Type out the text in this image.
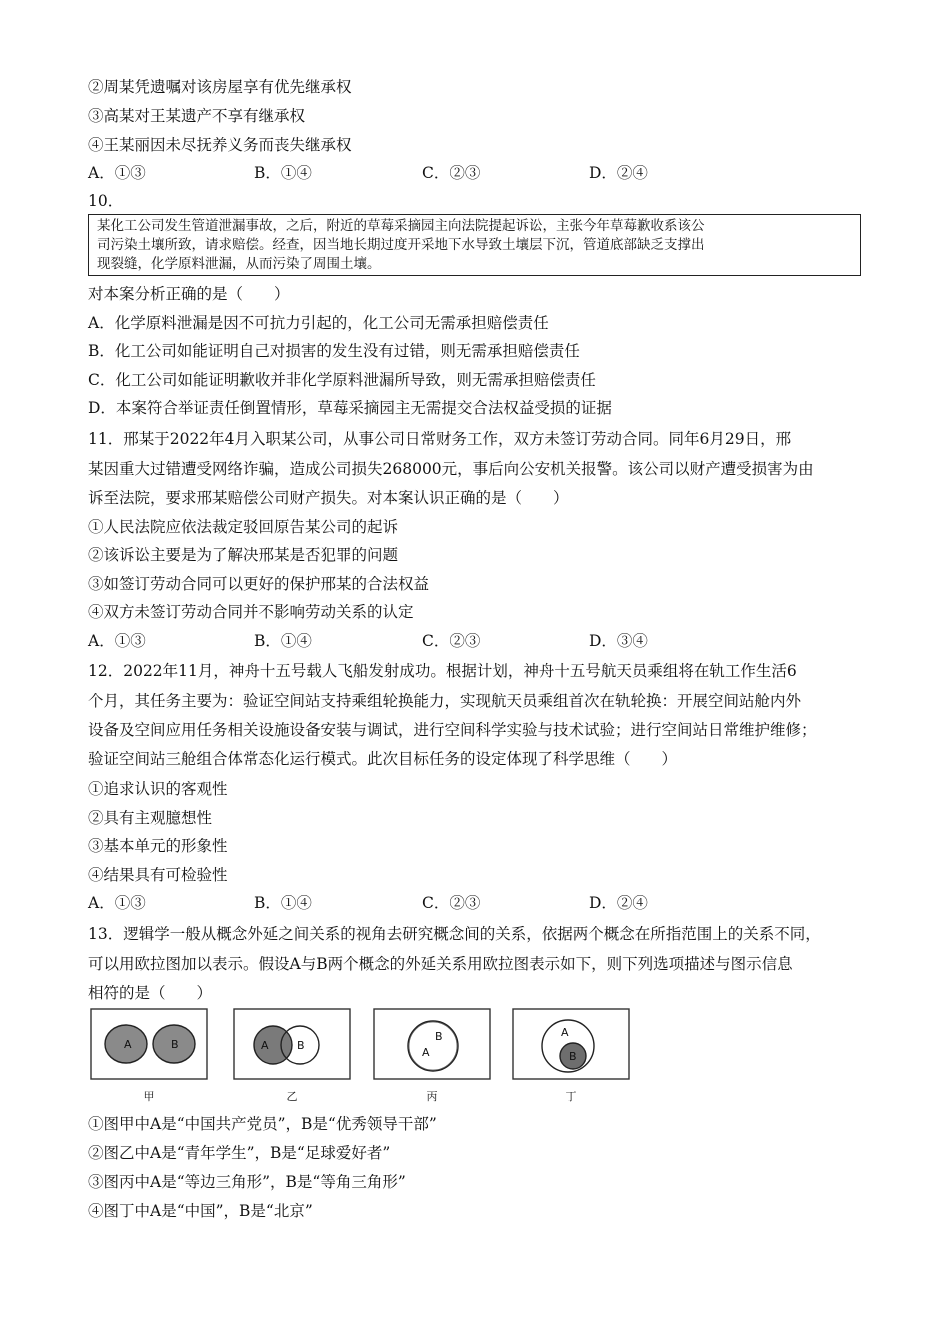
②周某凭遗嘱对该房屋享有优先继承权
③高某对王某遗产不享有继承权
④王某丽因未尽抚养义务而丧失继承权
A．①③	B．①④	C．②③	D．②④
10．
某化工公司发生管道泄漏事故，之后，附近的草莓采摘园主向法院提起诉讼，主张今年草莓歉收系该公
司污染土壤所致，请求赔偿。经查，因当地长期过度开采地下水导致土壤层下沉，管道底部缺乏支撑出
现裂缝，化学原料泄漏，从而污染了周围土壤。
对本案分析正确的是（　　）
A．化学原料泄漏是因不可抗力引起的，化工公司无需承担赔偿责任
B．化工公司如能证明自己对损害的发生没有过错，则无需承担赔偿责任
C．化工公司如能证明歉收并非化学原料泄漏所导致，则无需承担赔偿责任
D．本案符合举证责任倒置情形，草莓采摘园主无需提交合法权益受损的证据
11．邢某于2022年4月入职某公司，从事公司日常财务工作，双方未签订劳动合同。同年6月29日，邢
某因重大过错遭受网络诈骗，造成公司损失268000元，事后向公安机关报警。该公司以财产遭受损害为由
诉至法院，要求邢某赔偿公司财产损失。对本案认识正确的是（　　）
①人民法院应依法裁定驳回原告某公司的起诉
②该诉讼主要是为了解决邢某是否犯罪的问题
③如签订劳动合同可以更好的保护邢某的合法权益
④双方未签订劳动合同并不影响劳动关系的认定
A．①③	B．①④	C．②③	D．③④
12．2022年11月，神舟十五号载人飞船发射成功。根据计划，神舟十五号航天员乘组将在轨工作生活6
个月，其任务主要为：验证空间站支持乘组轮换能力，实现航天员乘组首次在轨轮换：开展空间站舱内外
设备及空间应用任务相关设施设备安装与调试，进行空间科学实验与技术试验；进行空间站日常维护维修；
验证空间站三舱组合体常态化运行模式。此次目标任务的设定体现了科学思维（　　）
①追求认识的客观性
②具有主观臆想性
③基本单元的形象性
④结果具有可检验性
A．①③	B．①④	C．②③	D．②④
13．逻辑学一般从概念外延之间关系的视角去研究概念间的关系，依据两个概念在所指范围上的关系不同，
可以用欧拉图加以表示。假设A与B两个概念的外延关系用欧拉图表示如下，则下列选项描述与图示信息
相符的是（　　）
A	B	A	B
B
A
A
B
甲	乙	丙	丁
①图甲中A是“中国共产党员”，B是“优秀领导干部”
②图乙中A是“青年学生”，B是“足球爱好者”
③图丙中A是“等边三角形”，B是“等角三角形”
④图丁中A是“中国”，B是“北京”
